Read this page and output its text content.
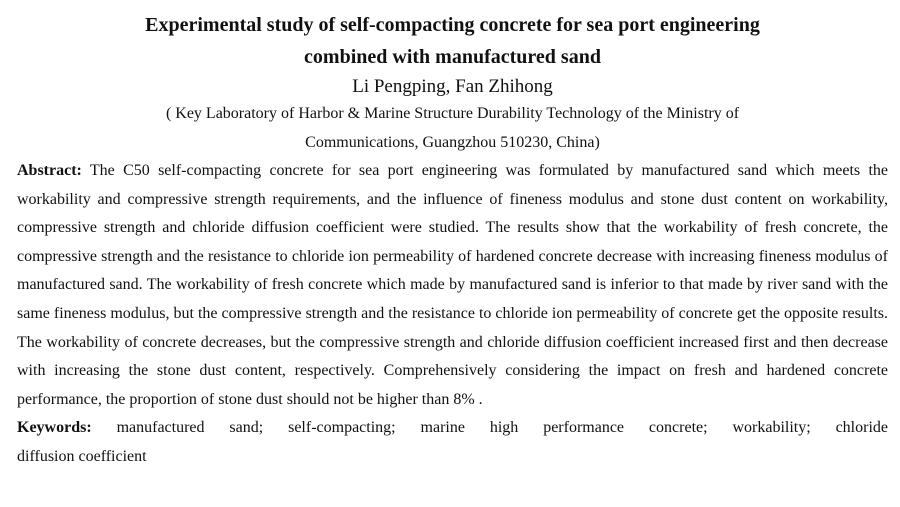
Experimental study of self-compacting concrete for sea port engineering
combined with manufactured sand

Li Pengping, Fan Zhihong

( Key Laboratory of Harbor & Marine Structure Durability Technology of the Ministry of Communications, Guangzhou 510230, China)

Abstract: The C50 self-compacting concrete for sea port engineering was formulated by manufactured sand which meets the workability and compressive strength requirements, and the influence of fineness modulus and stone dust content on workability, compressive strength and chloride diffusion coefficient were studied. The results show that the workability of fresh concrete, the compressive strength and the resistance to chloride ion permeability of hardened concrete decrease with increasing fineness modulus of manufactured sand. The workability of fresh concrete which made by manufactured sand is inferior to that made by river sand with the same fineness modulus, but the compressive strength and the resistance to chloride ion permeability of concrete get the opposite results. The workability of concrete decreases, but the compressive strength and chloride diffusion coefficient increased first and then decrease with increasing the stone dust content, respectively. Comprehensively considering the impact on fresh and hardened concrete performance, the proportion of stone dust should not be higher than 8% .

Keywords: manufactured sand; self-compacting; marine high performance concrete; workability; chloride

diffusion coefficient
